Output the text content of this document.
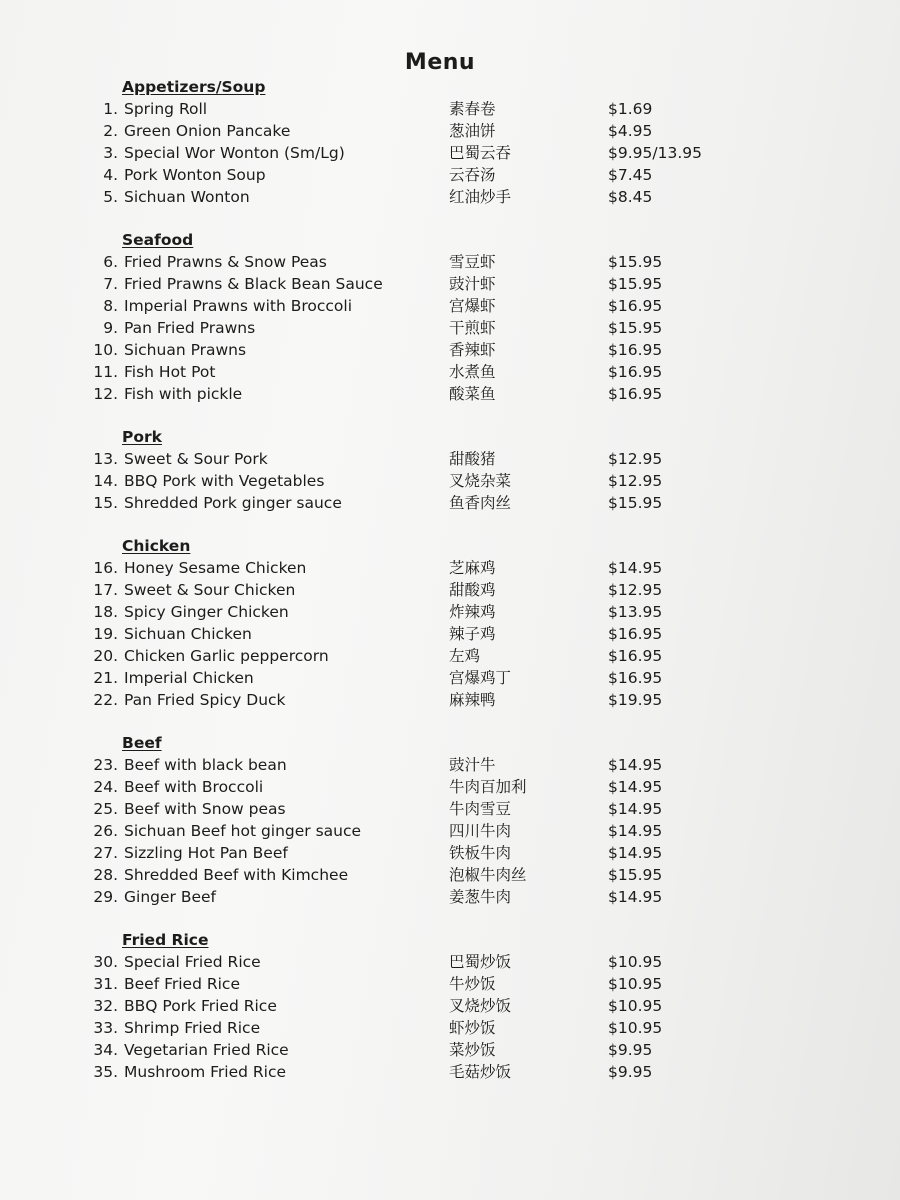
Menu
Appetizers/Soup
1. Spring Roll	素春卷	$1.69
2. Green Onion Pancake	葱油饼	$4.95
3. Special Wor Wonton (Sm/Lg)	巴蜀云吞	$9.95/13.95
4. Pork Wonton Soup	云吞汤	$7.45
5. Sichuan Wonton	红油炒手	$8.45
Seafood
6. Fried Prawns & Snow Peas	雪豆虾	$15.95
7. Fried Prawns & Black Bean Sauce	豉汁虾	$15.95
8. Imperial Prawns with Broccoli	宫爆虾	$16.95
9. Pan Fried Prawns	干煎虾	$15.95
10. Sichuan Prawns	香辣虾	$16.95
11. Fish Hot Pot	水煮鱼	$16.95
12. Fish with pickle	酸菜鱼	$16.95
Pork
13. Sweet & Sour Pork	甜酸猪	$12.95
14. BBQ Pork with Vegetables	叉烧杂菜	$12.95
15. Shredded Pork ginger sauce	鱼香肉丝	$15.95
Chicken
16. Honey Sesame Chicken	芝麻鸡	$14.95
17. Sweet & Sour Chicken	甜酸鸡	$12.95
18. Spicy Ginger Chicken	炸辣鸡	$13.95
19. Sichuan Chicken	辣子鸡	$16.95
20. Chicken Garlic peppercorn	左鸡	$16.95
21. Imperial Chicken	宫爆鸡丁	$16.95
22. Pan Fried Spicy Duck	麻辣鸭	$19.95
Beef
23. Beef with black bean	豉汁牛	$14.95
24. Beef with Broccoli	牛肉百加利	$14.95
25. Beef with Snow peas	牛肉雪豆	$14.95
26. Sichuan Beef hot ginger sauce	四川牛肉	$14.95
27. Sizzling Hot Pan Beef	铁板牛肉	$14.95
28. Shredded Beef with Kimchee	泡椒牛肉丝	$15.95
29. Ginger Beef	姜葱牛肉	$14.95
Fried Rice
30. Special Fried Rice	巴蜀炒饭	$10.95
31. Beef Fried Rice	牛炒饭	$10.95
32. BBQ Pork Fried Rice	叉烧炒饭	$10.95
33. Shrimp Fried Rice	虾炒饭	$10.95
34. Vegetarian Fried Rice	菜炒饭	$9.95
35. Mushroom Fried Rice	毛菇炒饭	$9.95
